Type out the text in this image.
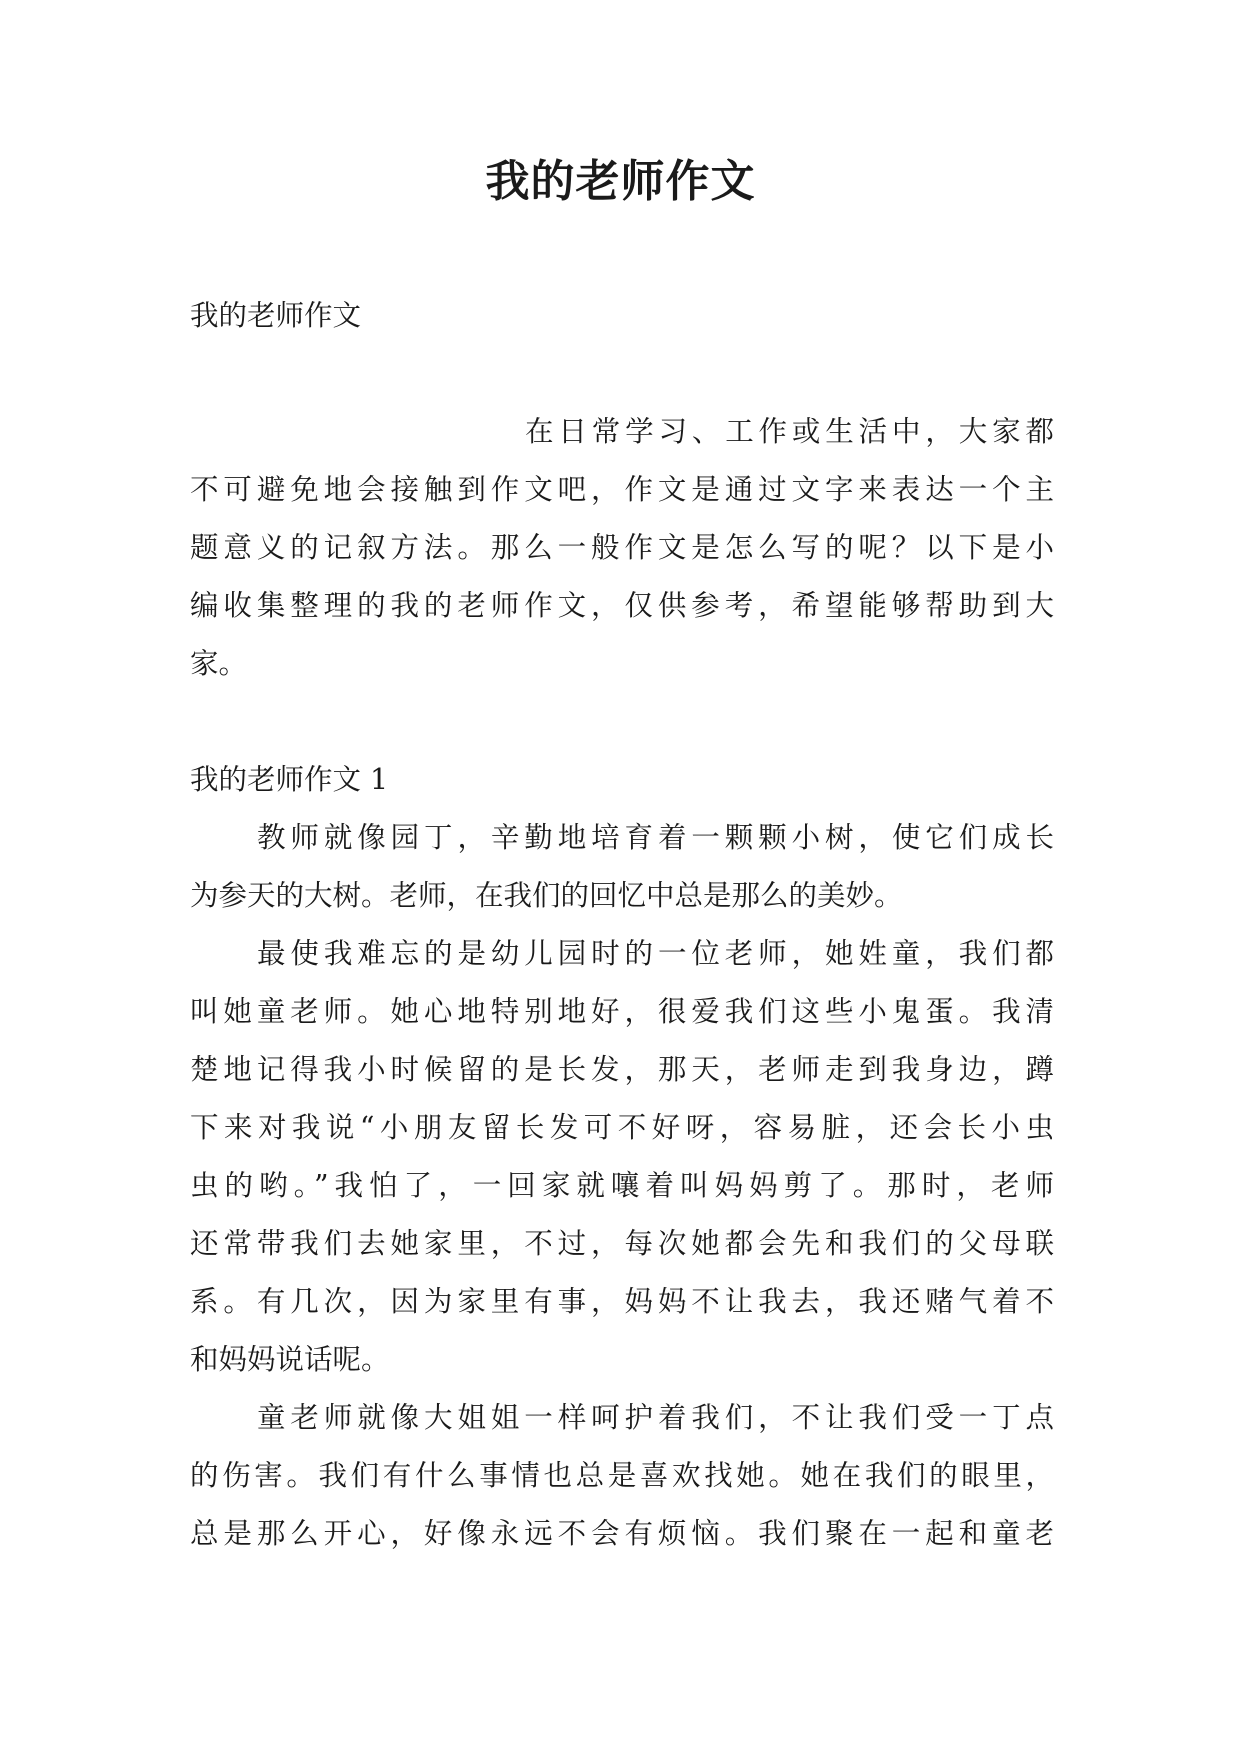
我的老师作文
我的老师作文
在日常学习、工作或生活中，大家都
不可避免地会接触到作文吧，作文是通过文字来表达一个主
题意义的记叙方法。那么一般作文是怎么写的呢？以下是小
编收集整理的我的老师作文，仅供参考，希望能够帮助到大
家。
我的老师作文 1
教师就像园丁，辛勤地培育着一颗颗小树，使它们成长
为参天的大树。老师，在我们的回忆中总是那么的美妙。
最使我难忘的是幼儿园时的一位老师，她姓童，我们都
叫她童老师。她心地特别地好，很爱我们这些小鬼蛋。我清
楚地记得我小时候留的是长发，那天，老师走到我身边，蹲
下来对我说“小朋友留长发可不好呀，容易脏，还会长小虫
虫的哟。”我怕了，一回家就嚷着叫妈妈剪了。那时，老师
还常带我们去她家里，不过，每次她都会先和我们的父母联
系。有几次，因为家里有事，妈妈不让我去，我还赌气着不
和妈妈说话呢。
童老师就像大姐姐一样呵护着我们，不让我们受一丁点
的伤害。我们有什么事情也总是喜欢找她。她在我们的眼里，
总是那么开心，好像永远不会有烦恼。我们聚在一起和童老
